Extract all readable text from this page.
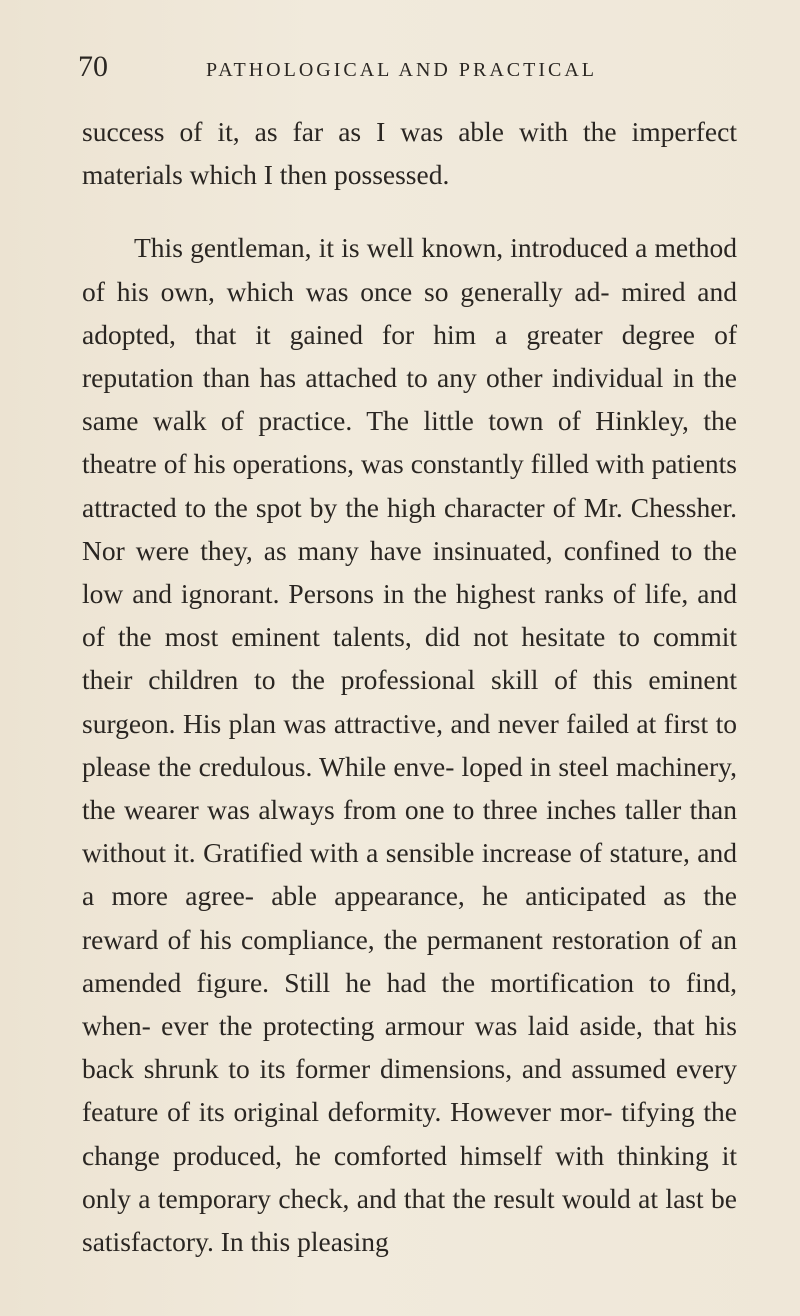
70	PATHOLOGICAL AND PRACTICAL

success of it, as far as I was able with the imperfect materials which I then possessed.

This gentleman, it is well known, introduced a method of his own, which was once so generally ad- mired and adopted, that it gained for him a greater degree of reputation than has attached to any other individual in the same walk of practice. The little town of Hinkley, the theatre of his operations, was constantly filled with patients attracted to the spot by the high character of Mr. Chessher. Nor were they, as many have insinuated, confined to the low and ignorant. Persons in the highest ranks of life, and of the most eminent talents, did not hesitate to commit their children to the professional skill of this eminent surgeon. His plan was attractive, and never failed at first to please the credulous. While enve- loped in steel machinery, the wearer was always from one to three inches taller than without it. Gratified with a sensible increase of stature, and a more agree- able appearance, he anticipated as the reward of his compliance, the permanent restoration of an amended figure. Still he had the mortification to find, when- ever the protecting armour was laid aside, that his back shrunk to its former dimensions, and assumed every feature of its original deformity. However mor- tifying the change produced, he comforted himself with thinking it only a temporary check, and that the result would at last be satisfactory. In this pleasing
